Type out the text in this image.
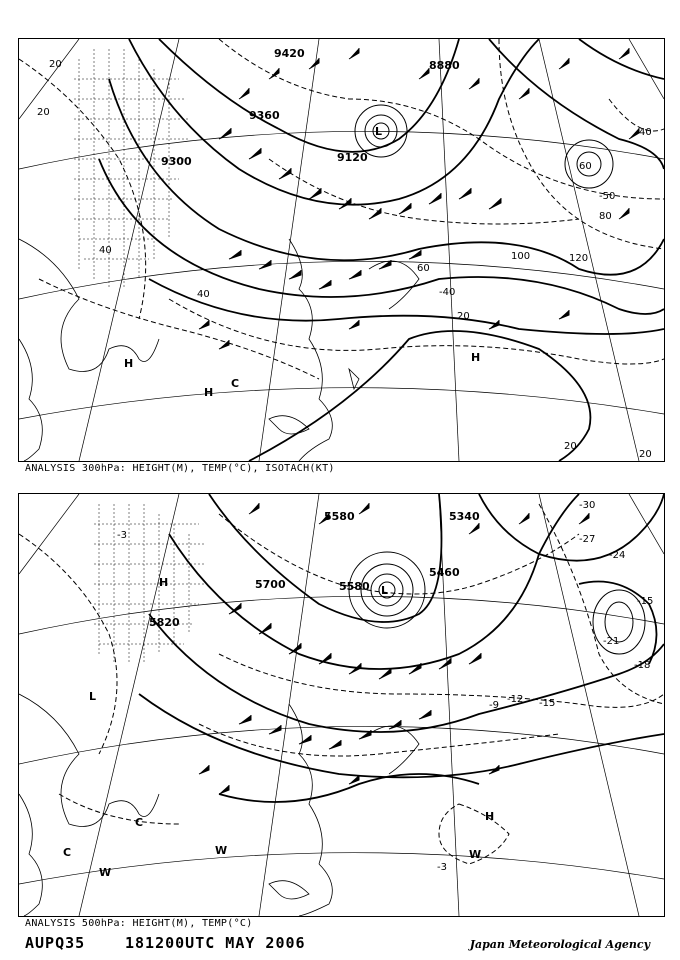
9420
9360
9300	9120
8880
20
20
40
40
60
60
80
100	120
20
20
20
40	-40
-50
H	H
H
C
L
ANALYSIS 300hPa: HEIGHT(M), TEMP(°C), ISOTACH(KT)
5820
5700	5580
5580
5460
5340
-3
-3
-9
-12 -15
-15
-18
-21
-24
-27
-30
H
L
C
C
W
W	W
H
L
ANALYSIS 500hPa: HEIGHT(M), TEMP(°C)
AUPQ35	181200UTC MAY 2006	Japan Meteorological Agency
